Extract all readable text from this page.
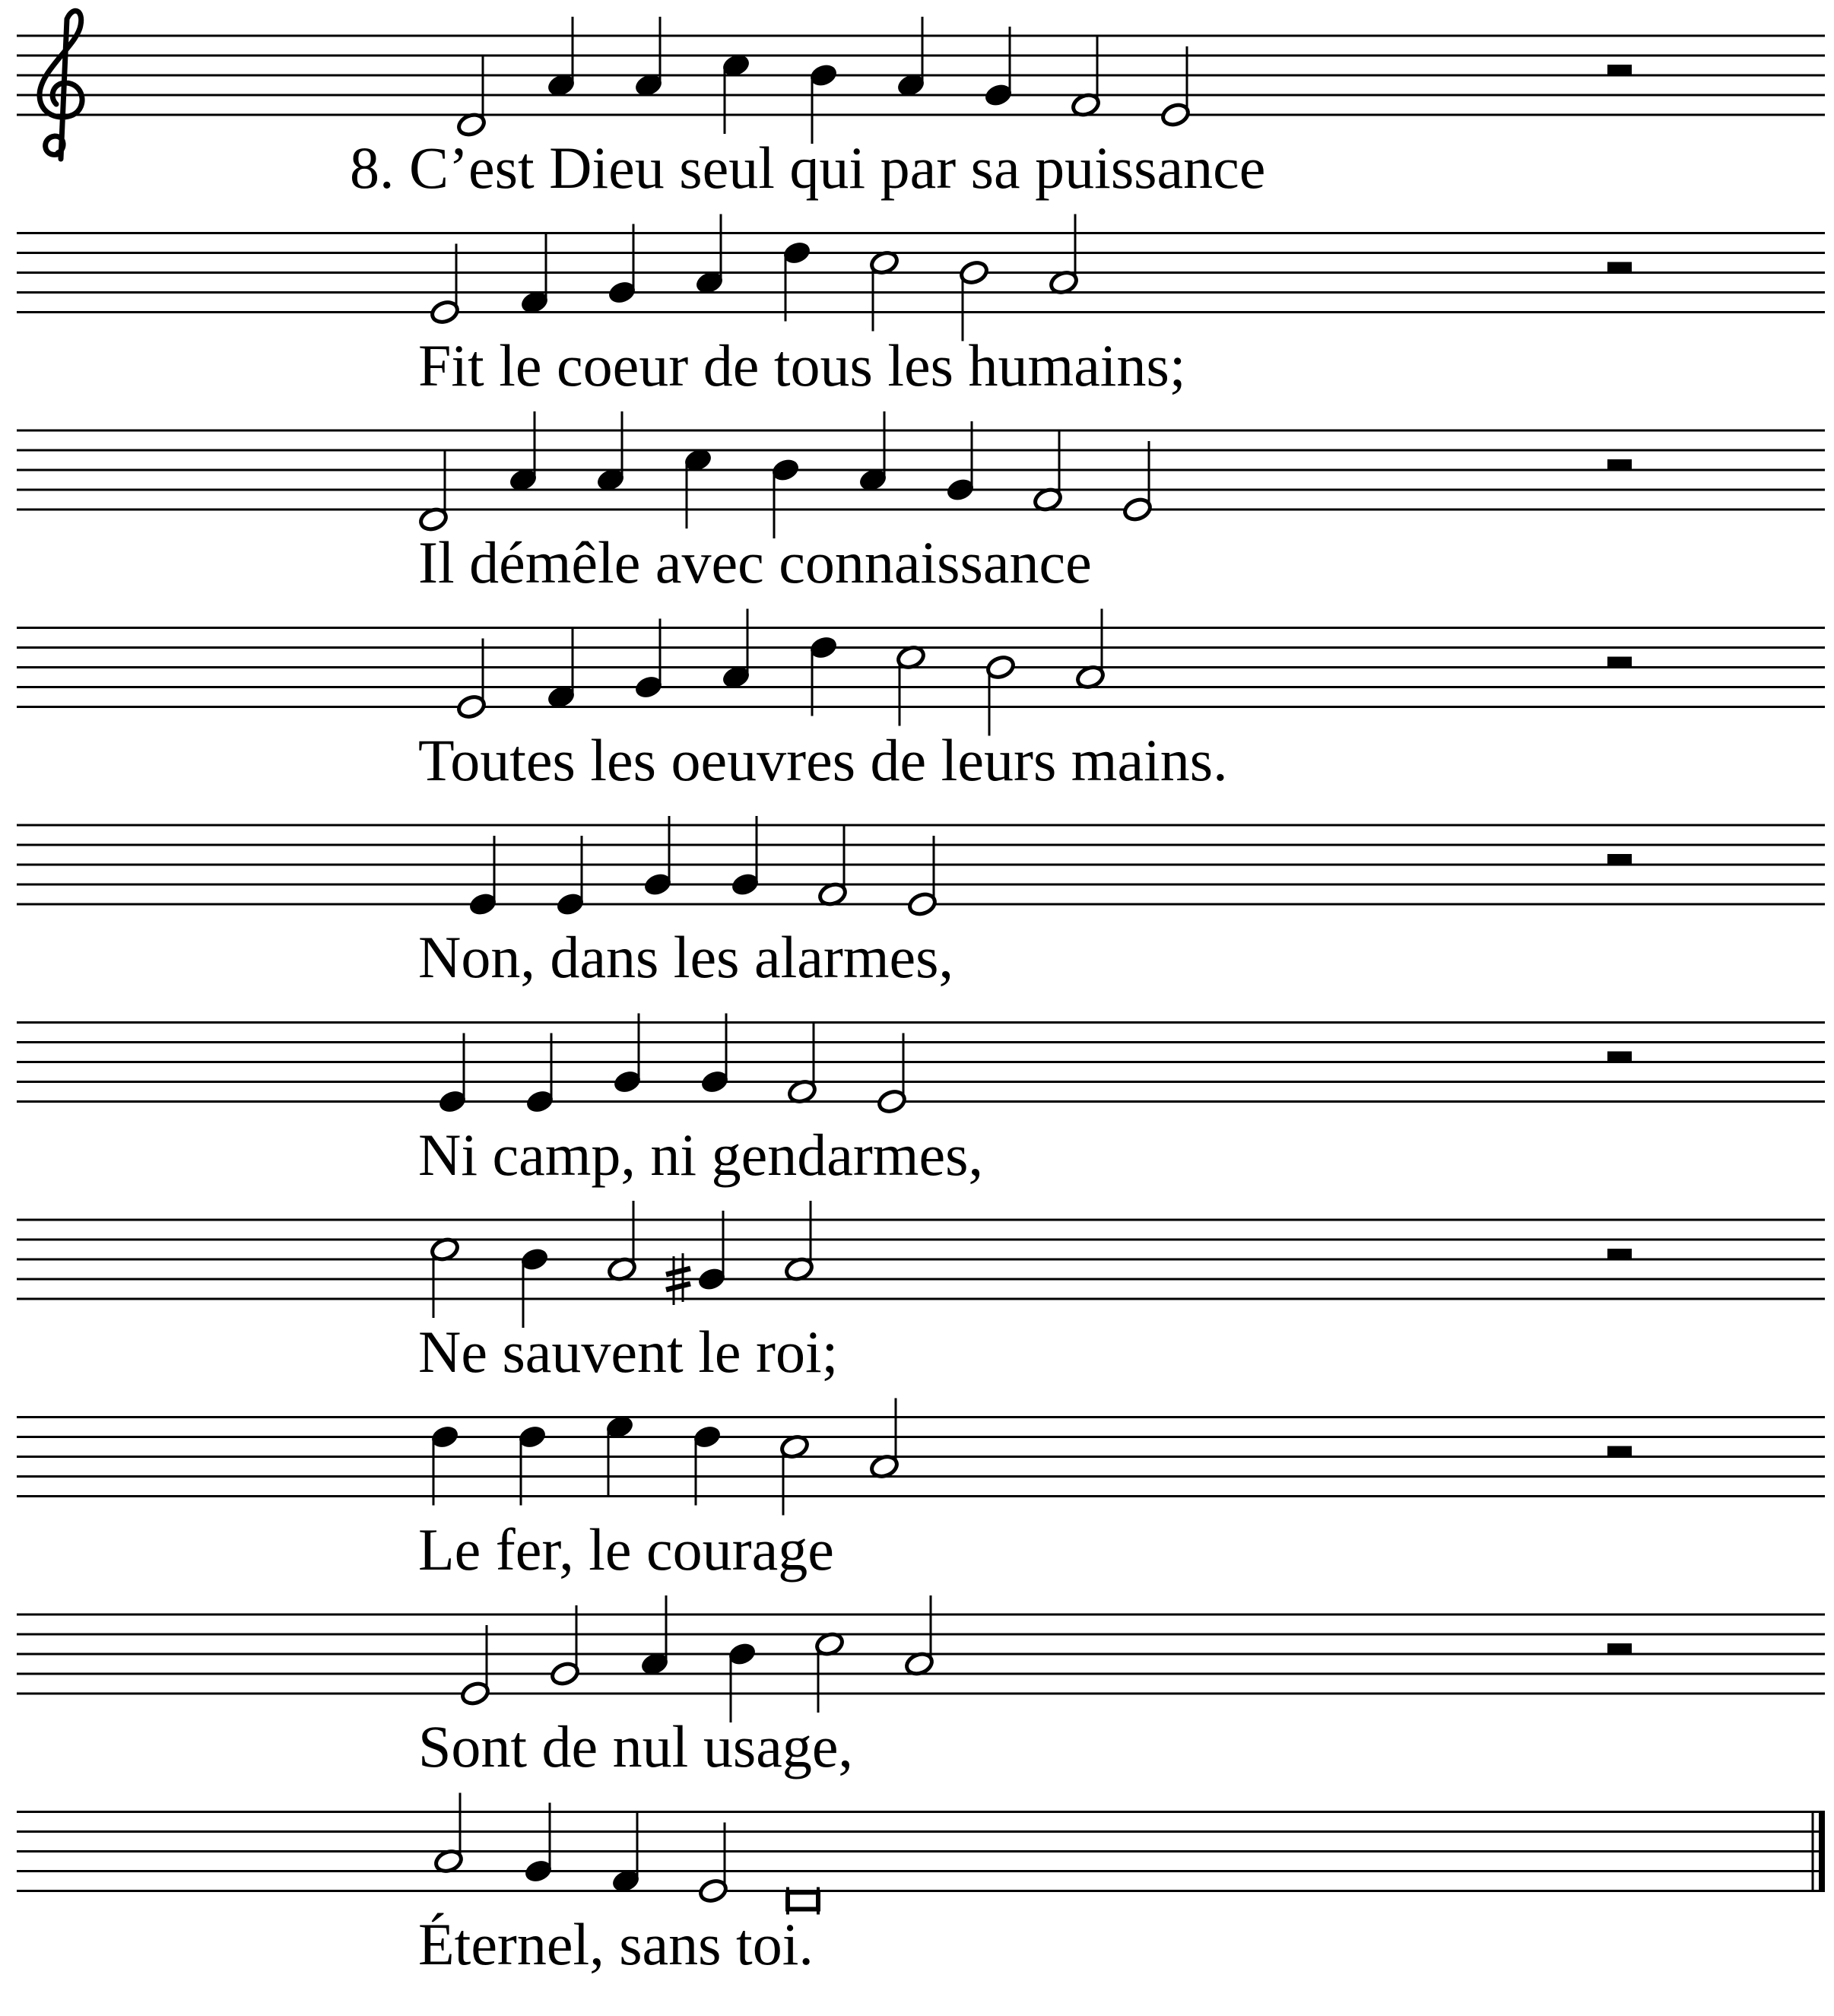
8. C’est Dieu seul qui par sa puissance

Fit le coeur de tous les humains;

Il démêle avec connaissance

Toutes les oeuvres de leurs mains.

Non, dans les alarmes,

Ni camp, ni gendarmes,

Ne sauvent le roi;

Le fer, le courage

Sont de nul usage,

Éternel, sans toi.
